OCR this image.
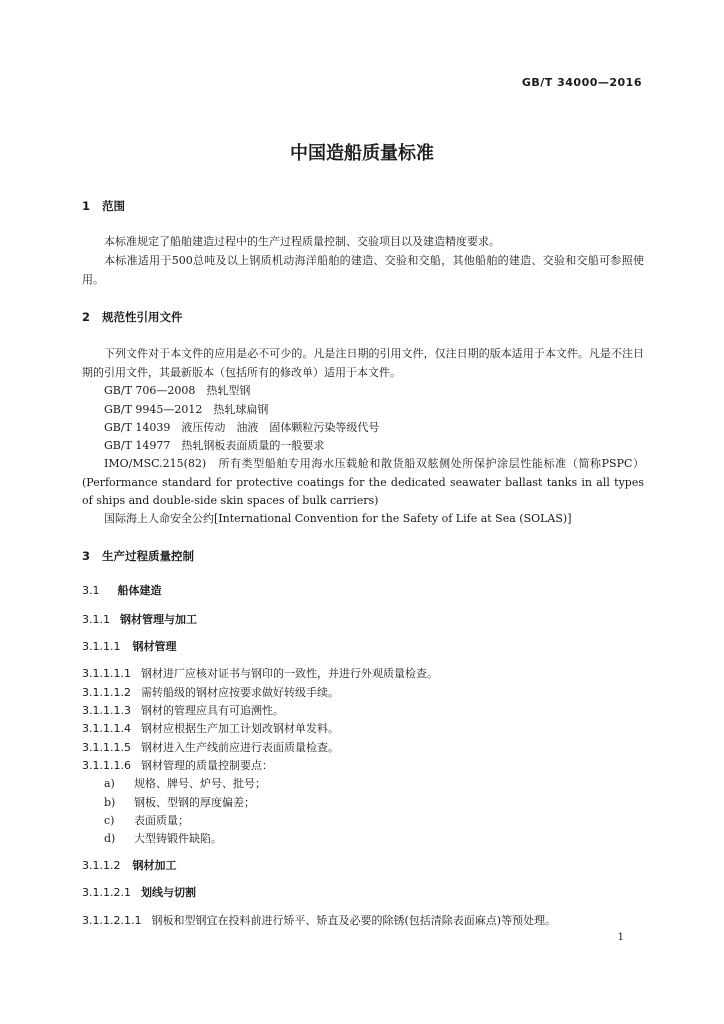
GB/T 34000—2016
中国造船质量标准
1 范围
本标准规定了船舶建造过程中的生产过程质量控制、交验项目以及建造精度要求。
本标准适用于500总吨及以上钢质机动海洋船舶的建造、交验和交船，其他船舶的建造、交验和交船可参照使用。
2 规范性引用文件
下列文件对于本文件的应用是必不可少的。凡是注日期的引用文件，仅注日期的版本适用于本文件。凡是不注日期的引用文件，其最新版本（包括所有的修改单）适用于本文件。
GB/T 706—2008　热轧型钢
GB/T 9945—2012　热轧球扁钢
GB/T 14039　液压传动　油液　固体颗粒污染等级代号
GB/T 14977　热轧钢板表面质量的一般要求
IMO/MSC.215(82)　所有类型船舶专用海水压载舱和散货船双舷侧处所保护涂层性能标准（简称PSPC）(Performance standard for protective coatings for the dedicated seawater ballast tanks in all types of ships and double-side skin spaces of bulk carriers)
国际海上人命安全公约[International Convention for the Safety of Life at Sea (SOLAS)]
3 生产过程质量控制
3.1 船体建造
3.1.1 钢材管理与加工
3.1.1.1 钢材管理
3.1.1.1.1 钢材进厂应核对证书与钢印的一致性，并进行外观质量检查。
3.1.1.1.2 需转船级的钢材应按要求做好转级手续。
3.1.1.1.3 钢材的管理应具有可追溯性。
3.1.1.1.4 钢材应根据生产加工计划改钢材单发料。
3.1.1.1.5 钢材进入生产线前应进行表面质量检查。
3.1.1.1.6 钢材管理的质量控制要点：
a) 规格、牌号、炉号、批号；
b) 钢板、型钢的厚度偏差；
c) 表面质量；
d) 大型铸锻件缺陷。
3.1.1.2 钢材加工
3.1.1.2.1 划线与切割
3.1.1.2.1.1 钢板和型钢宜在投料前进行矫平、矫直及必要的除锈(包括清除表面麻点)等预处理。
1
